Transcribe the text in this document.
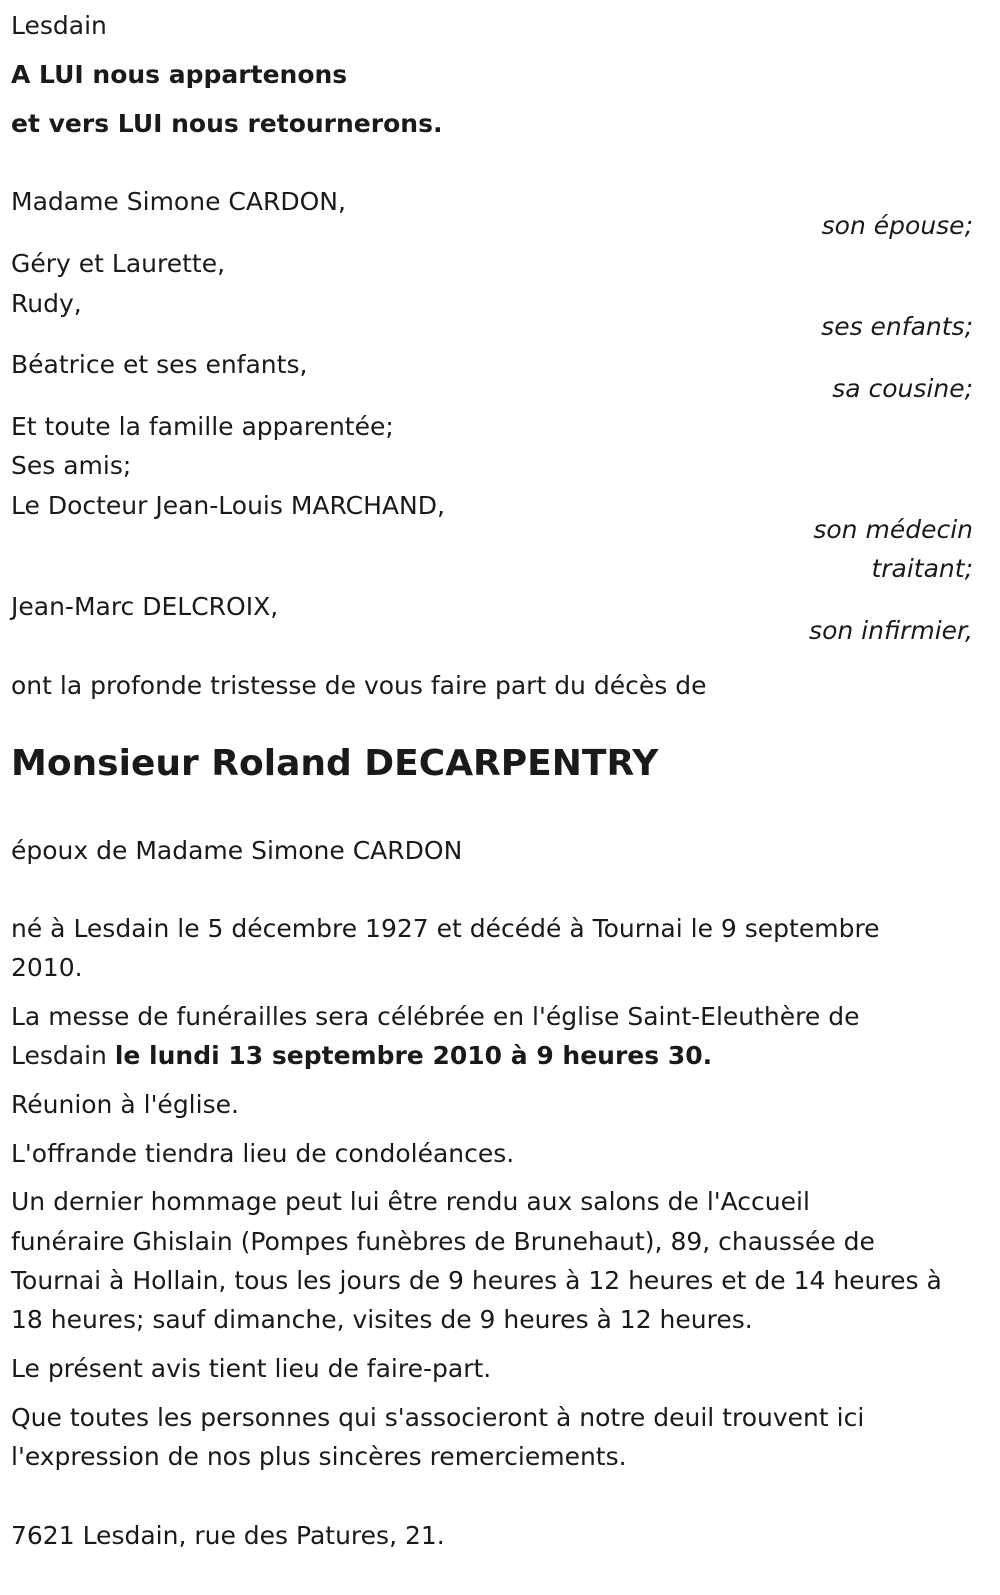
Lesdain
A LUI nous appartenons
et vers LUI nous retournerons.
Madame Simone CARDON,
son épouse;
Géry et Laurette,
Rudy,
ses enfants;
Béatrice et ses enfants,
sa cousine;
Et toute la famille apparentée;
Ses amis;
Le Docteur Jean-Louis MARCHAND,
son médecin
traitant;
Jean-Marc DELCROIX,
son infirmier,
ont la profonde tristesse de vous faire part du décès de
Monsieur Roland DECARPENTRY
époux de Madame Simone CARDON
né à Lesdain le 5 décembre 1927 et décédé à Tournai le 9 septembre
2010.
La messe de funérailles sera célébrée en l'église Saint-Eleuthère de
Lesdain le lundi 13 septembre 2010 à 9 heures 30.
Réunion à l'église.
L'offrande tiendra lieu de condoléances.
Un dernier hommage peut lui être rendu aux salons de l'Accueil
funéraire Ghislain (Pompes funèbres de Brunehaut), 89, chaussée de
Tournai à Hollain, tous les jours de 9 heures à 12 heures et de 14 heures à
18 heures; sauf dimanche, visites de 9 heures à 12 heures.
Le présent avis tient lieu de faire-part.
Que toutes les personnes qui s'associeront à notre deuil trouvent ici
l'expression de nos plus sincères remerciements.
7621 Lesdain, rue des Patures, 21.
